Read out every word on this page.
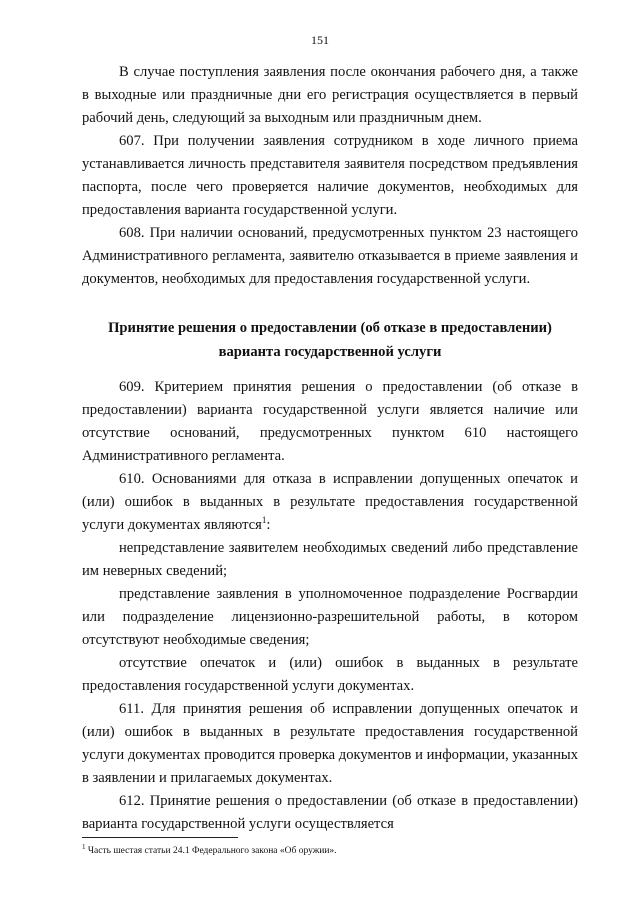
151

В случае поступления заявления после окончания рабочего дня, а также в выходные или праздничные дни его регистрация осуществляется в первый рабочий день, следующий за выходным или праздничным днем.

607. При получении заявления сотрудником в ходе личного приема устанавливается личность представителя заявителя посредством предъявления паспорта, после чего проверяется наличие документов, необходимых для предоставления варианта государственной услуги.

608. При наличии оснований, предусмотренных пунктом 23 настоящего Административного регламента, заявителю отказывается в приеме заявления и документов, необходимых для предоставления государственной услуги.

Принятие решения о предоставлении (об отказе в предоставлении)

варианта государственной услуги

609. Критерием принятия решения о предоставлении (об отказе в предоставлении) варианта государственной услуги является наличие или отсутствие оснований, предусмотренных пунктом 610 настоящего Административного регламента.

610. Основаниями для отказа в исправлении допущенных опечаток и (или) ошибок в выданных в результате предоставления государственной услуги документах являются$^1$:

непредставление заявителем необходимых сведений либо представление им неверных сведений;

представление заявления в уполномоченное подразделение Росгвардии или подразделение лицензионно-разрешительной работы, в котором отсутствуют необходимые сведения;

отсутствие опечаток и (или) ошибок в выданных в результате предоставления государственной услуги документах.

611. Для принятия решения об исправлении допущенных опечаток и (или) ошибок в выданных в результате предоставления государственной услуги документах проводится проверка документов и информации, указанных в заявлении и прилагаемых документах.

612. Принятие решения о предоставлении (об отказе в предоставлении) варианта государственной услуги осуществляется

$^1$ Часть шестая статьи 24.1 Федерального закона «Об оружии».
